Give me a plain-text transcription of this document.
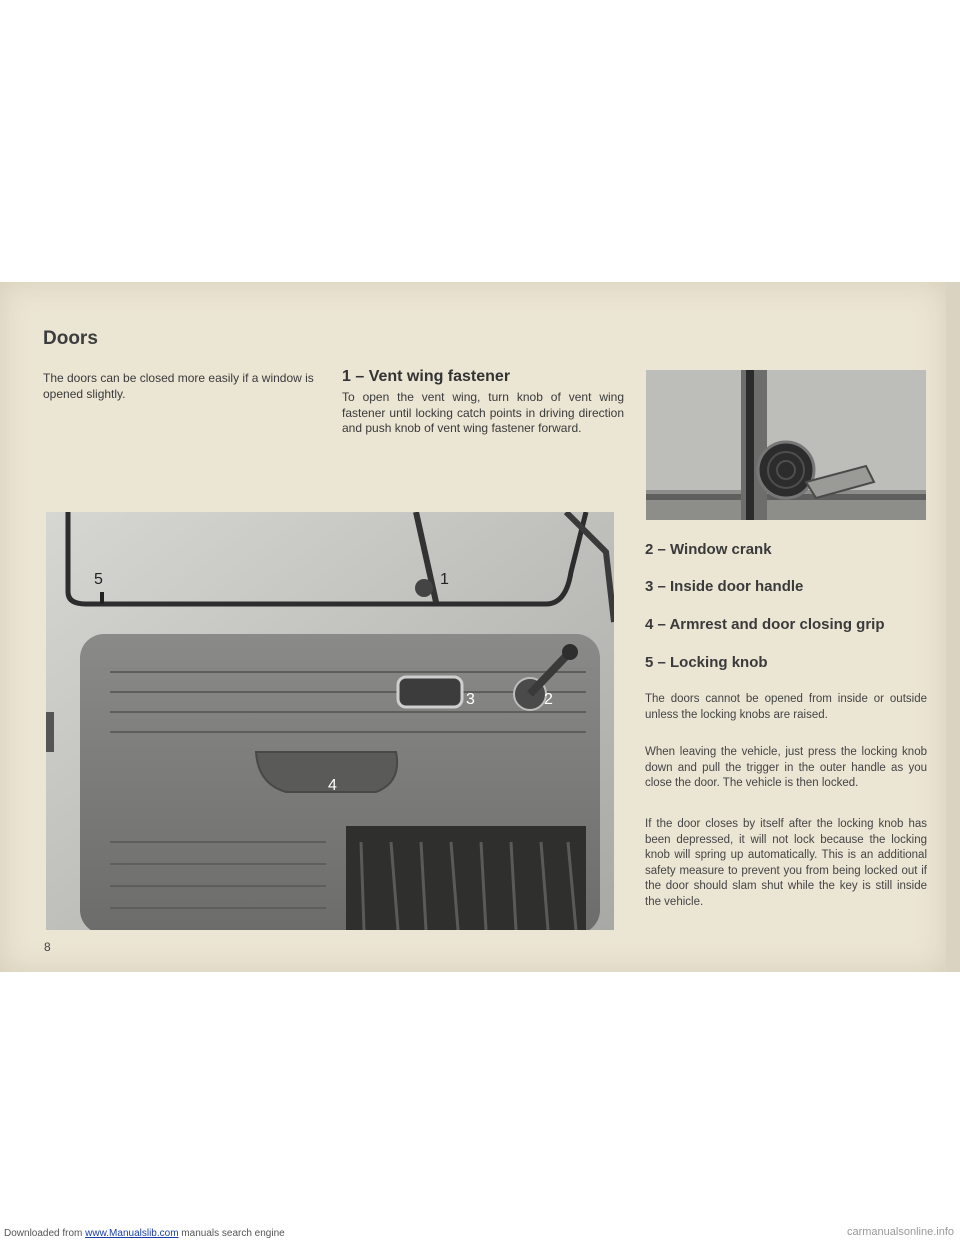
Doors

The doors can be closed more easily if a window is opened slightly.

1 – Vent wing fastener

To open the vent wing, turn knob of vent wing fastener until locking catch points in driving direction and push knob of vent wing fastener forward.

1
2
3
4
5

2 – Window crank

3 – Inside door handle

4 – Armrest and door closing grip

5 – Locking knob

The doors cannot be opened from inside or outside unless the locking knobs are raised.

When leaving the vehicle, just press the locking knob down and pull the trigger in the outer handle as you close the door. The vehicle is then locked.

If the door closes by itself after the locking knob has been depressed, it will not lock because the locking knob will spring up automatically. This is an additional safety measure to prevent you from being locked out if the door should slam shut while the key is still inside the vehicle.

8
Downloaded from www.Manualslib.com manuals search engine	carmanualsonline.info
